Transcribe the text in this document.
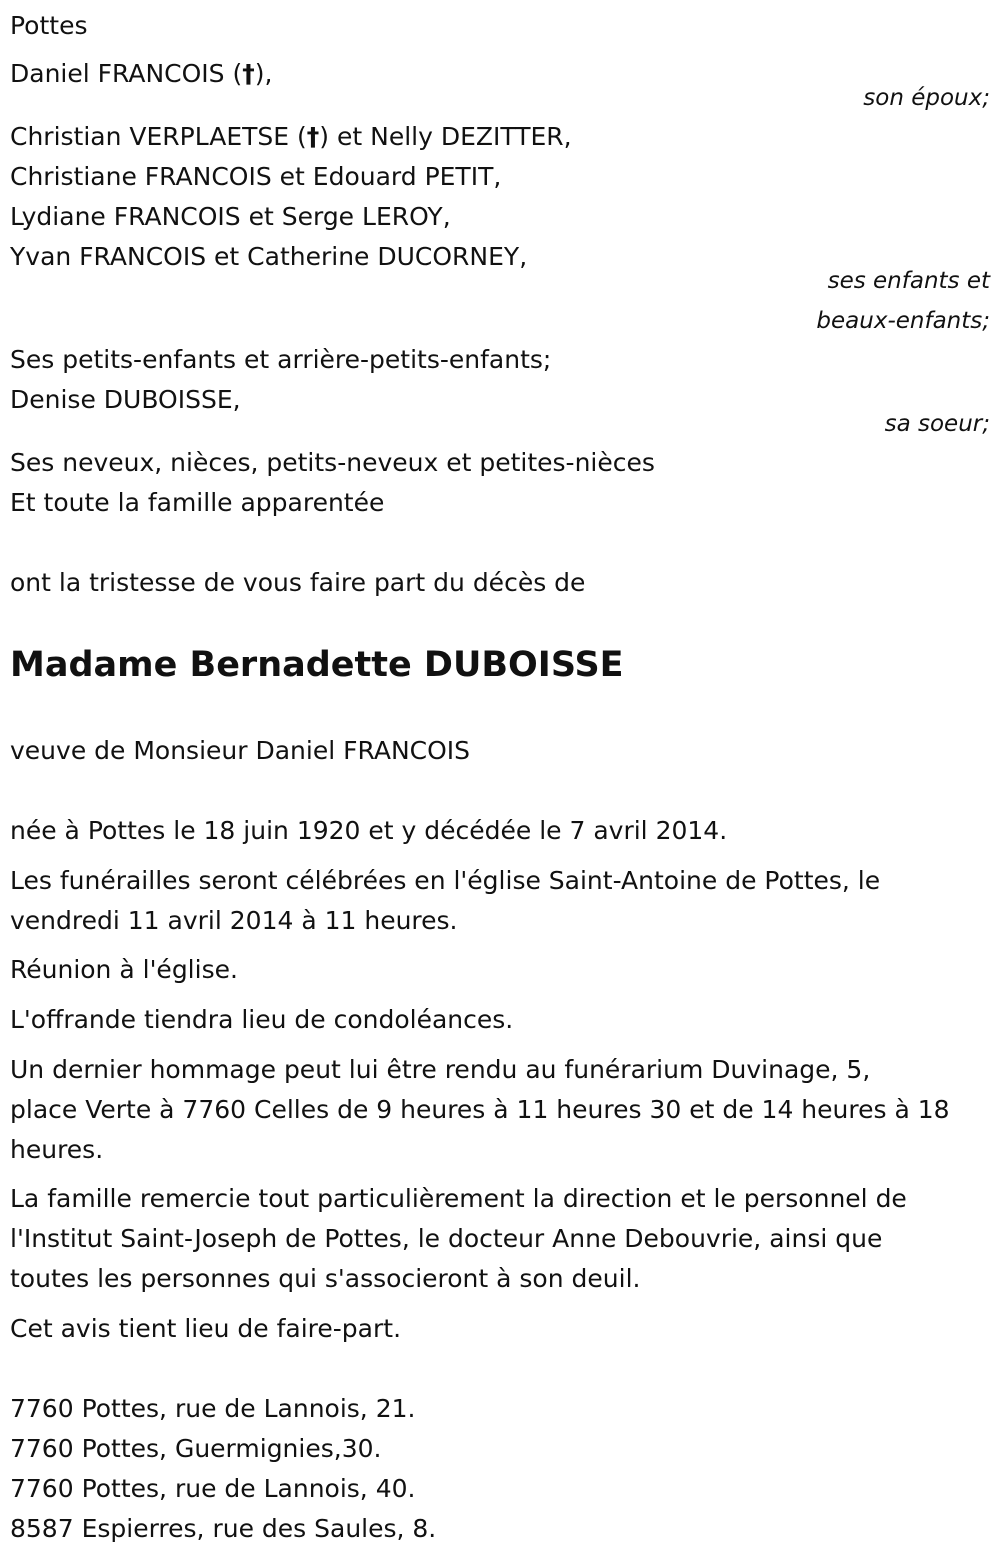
Pottes
Daniel FRANCOIS (†),
son époux;
Christian VERPLAETSE (†) et Nelly DEZITTER,
Christiane FRANCOIS et Edouard PETIT,
Lydiane FRANCOIS et Serge LEROY,
Yvan FRANCOIS et Catherine DUCORNEY,
ses enfants et
beaux-enfants;
Ses petits-enfants et arrière-petits-enfants;
Denise DUBOISSE,
sa soeur;
Ses neveux, nièces, petits-neveux et petites-nièces
Et toute la famille apparentée
ont la tristesse de vous faire part du décès de
Madame Bernadette DUBOISSE
veuve de Monsieur Daniel FRANCOIS
née à Pottes le 18 juin 1920 et y décédée le 7 avril 2014.
Les funérailles seront célébrées en l'église Saint-Antoine de Pottes, le
vendredi 11 avril 2014 à 11 heures.
Réunion à l'église.
L'offrande tiendra lieu de condoléances.
Un dernier hommage peut lui être rendu au funérarium Duvinage, 5,
place Verte à 7760 Celles de 9 heures à 11 heures 30 et de 14 heures à 18
heures.
La famille remercie tout particulièrement la direction et le personnel de
l'Institut Saint-Joseph de Pottes, le docteur Anne Debouvrie, ainsi que
toutes les personnes qui s'associeront à son deuil.
Cet avis tient lieu de faire-part.
7760 Pottes, rue de Lannois, 21.
7760 Pottes, Guermignies,30.
7760 Pottes, rue de Lannois, 40.
8587 Espierres, rue des Saules, 8.
